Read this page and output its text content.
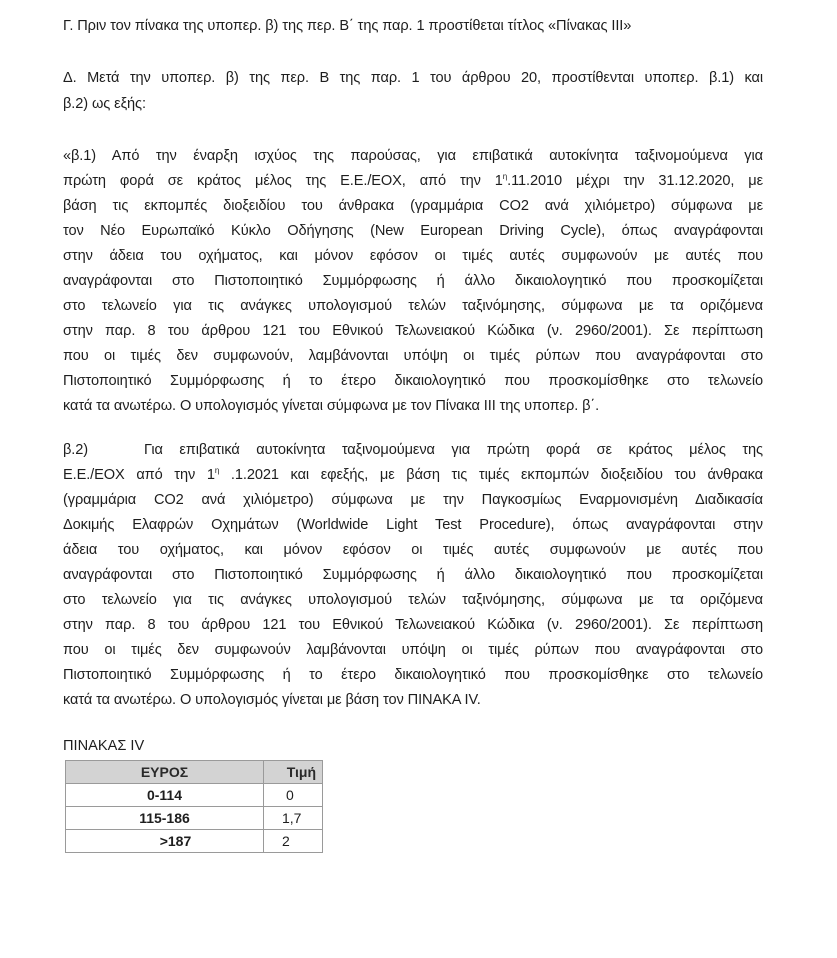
Γ. Πριν τον πίνακα της υποπερ. β) της περ. Β΄ της παρ. 1 προστίθεται τίτλος «Πίνακας ΙΙΙ»
Δ. Μετά την υποπερ. β) της περ. Β της παρ. 1 του άρθρου 20, προστίθενται υποπερ. β.1) και
β.2) ως εξής:
«β.1) Από την έναρξη ισχύος της παρούσας, για επιβατικά αυτοκίνητα ταξινομούμενα για
πρώτη φορά σε κράτος μέλος της Ε.Ε./ΕΟΧ, από την $1^\eta.11.2010$ μέχρι την 31.12.2020, με
βάση τις εκπομπές διοξειδίου του άνθρακα (γραμμάρια CO2 ανά χιλιόμετρο) σύμφωνα με
τον Νέο Ευρωπαϊκό Κύκλο Οδήγησης (New European Driving Cycle), όπως αναγράφονται
στην άδεια του οχήματος, και μόνον εφόσον οι τιμές αυτές συμφωνούν με αυτές που
αναγράφονται στο Πιστοποιητικό Συμμόρφωσης ή άλλο δικαιολογητικό που προσκομίζεται
στο τελωνείο για τις ανάγκες υπολογισμού τελών ταξινόμησης, σύμφωνα με τα οριζόμενα
στην παρ. 8 του άρθρου 121 του Εθνικού Τελωνειακού Κώδικα (ν. 2960/2001). Σε περίπτωση
που οι τιμές δεν συμφωνούν, λαμβάνονται υπόψη οι τιμές ρύπων που αναγράφονται στο
Πιστοποιητικό Συμμόρφωσης ή το έτερο δικαιολογητικό που προσκομίσθηκε στο τελωνείο
κατά τα ανωτέρω. Ο υπολογισμός γίνεται σύμφωνα με τον Πίνακα ΙΙΙ της υποπερ. β΄.
β.2)	Για επιβατικά αυτοκίνητα ταξινομούμενα για πρώτη φορά σε κράτος μέλος της
Ε.Ε./ΕΟΧ από την $1^\eta$ .1.2021 και εφεξής, με βάση τις τιμές εκπομπών διοξειδίου του άνθρακα
(γραμμάρια CO2 ανά χιλιόμετρο) σύμφωνα με την Παγκοσμίως Εναρμονισμένη Διαδικασία
Δοκιμής Ελαφρών Οχημάτων (Worldwide Light Test Procedure), όπως αναγράφονται στην
άδεια του οχήματος, και μόνον εφόσον οι τιμές αυτές συμφωνούν με αυτές που
αναγράφονται στο Πιστοποιητικό Συμμόρφωσης ή άλλο δικαιολογητικό που προσκομίζεται
στο τελωνείο για τις ανάγκες υπολογισμού τελών ταξινόμησης, σύμφωνα με τα οριζόμενα
στην παρ. 8 του άρθρου 121 του Εθνικού Τελωνειακού Κώδικα (ν. 2960/2001). Σε περίπτωση
που οι τιμές δεν συμφωνούν λαμβάνονται υπόψη οι τιμές ρύπων που αναγράφονται στο
Πιστοποιητικό Συμμόρφωσης ή το έτερο δικαιολογητικό που προσκομίσθηκε στο τελωνείο
κατά τα ανωτέρω. Ο υπολογισμός γίνεται με βάση τον ΠΙΝΑΚΑ IV.
ΠΙΝΑΚΑΣ IV
ΕΥΡΟΣ	Τιμή
0-114	0
115-186	1,7
>187	2
